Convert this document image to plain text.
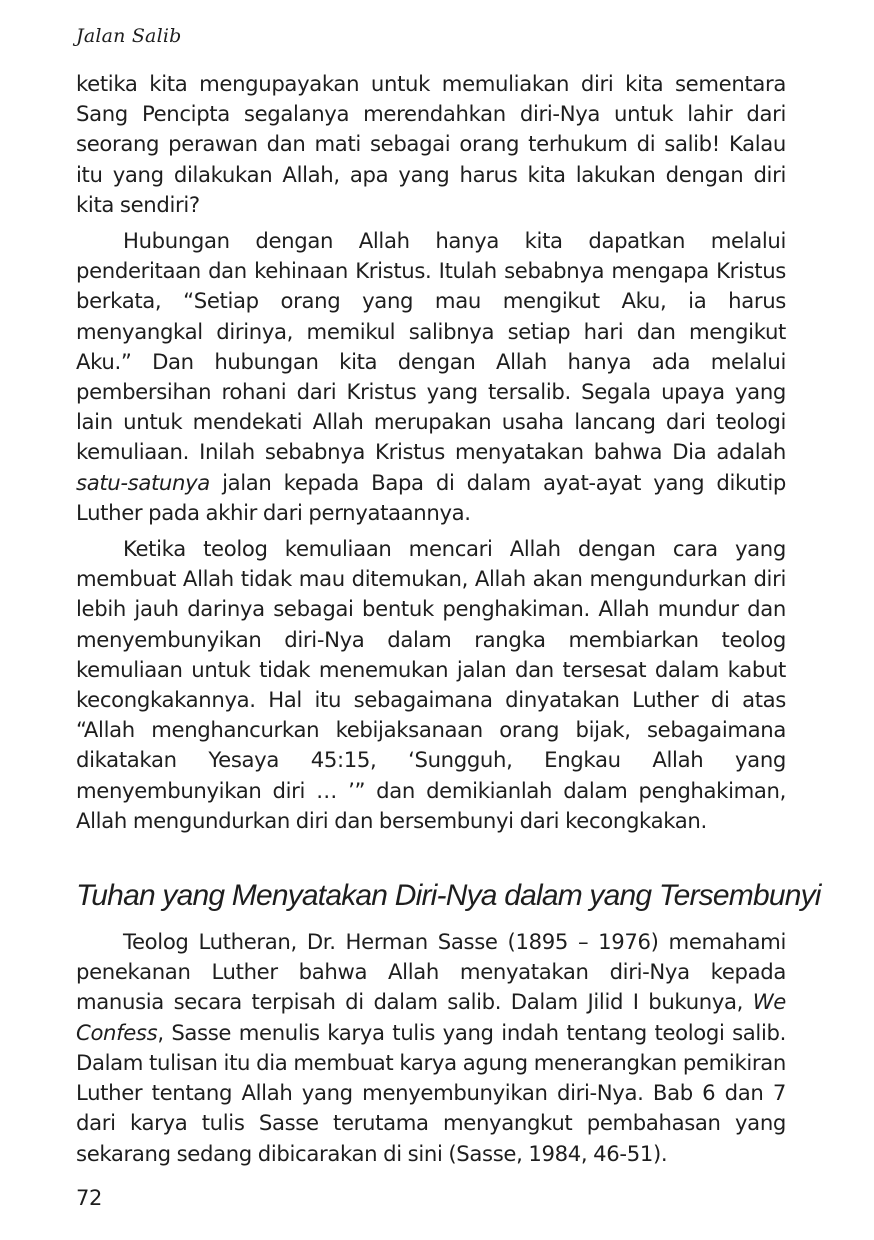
Jalan Salib

ketika kita mengupayakan untuk memuliakan diri kita sementara Sang Pencipta segalanya merendahkan diri-Nya untuk lahir dari seorang perawan dan mati sebagai orang terhukum di salib! Kalau itu yang dilakukan Allah, apa yang harus kita lakukan dengan diri kita sendiri?

Hubungan dengan Allah hanya kita dapatkan melalui penderitaan dan kehinaan Kristus. Itulah sebabnya mengapa Kristus berkata, “Setiap orang yang mau mengikut Aku, ia harus menyangkal dirinya, memikul salibnya setiap hari dan mengikut Aku.” Dan hubungan kita dengan Allah hanya ada melalui pembersihan rohani dari Kristus yang tersalib. Segala upaya yang lain untuk mendekati Allah merupakan usaha lancang dari teologi kemuliaan. Inilah sebabnya Kristus menyatakan bahwa Dia adalah satu-satunya jalan kepada Bapa di dalam ayat-ayat yang dikutip Luther pada akhir dari pernyataannya.

Ketika teolog kemuliaan mencari Allah dengan cara yang membuat Allah tidak mau ditemukan, Allah akan mengundurkan diri lebih jauh darinya sebagai bentuk penghakiman. Allah mundur dan menyembunyikan diri-Nya dalam rangka membiarkan teolog kemuliaan untuk tidak menemukan jalan dan tersesat dalam kabut kecongkakannya. Hal itu sebagaimana dinyatakan Luther di atas “Allah menghancurkan kebijaksanaan orang bijak, sebagaimana dikatakan Yesaya 45:15, ‘Sungguh, Engkau Allah yang menyembunyikan diri … ’” dan demikianlah dalam penghakiman, Allah mengundurkan diri dan bersembunyi dari kecongkakan.

Tuhan yang Menyatakan Diri-Nya dalam yang Tersembunyi

Teolog Lutheran, Dr. Herman Sasse (1895 – 1976) memahami penekanan Luther bahwa Allah menyatakan diri-Nya kepada manusia secara terpisah di dalam salib. Dalam Jilid I bukunya, We Confess, Sasse menulis karya tulis yang indah tentang teologi salib. Dalam tulisan itu dia membuat karya agung menerangkan pemikiran Luther tentang Allah yang menyembunyikan diri-Nya. Bab 6 dan 7 dari karya tulis Sasse terutama menyangkut pembahasan yang sekarang sedang dibicarakan di sini (Sasse, 1984, 46-51).

72
